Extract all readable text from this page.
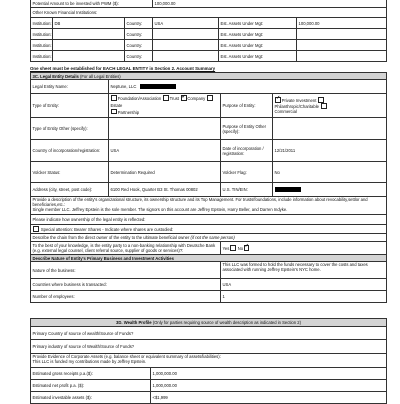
Potential Amount to be invested with PWM ($):			100,000.00		
Other Known Financial Institutions:					
Institution:	DB	Country:	USA	Est. Assets Under Mgt:	100,000.00
Institution:		Country:		Est. Assets Under Mgt:	
Institution:		Country:		Est. Assets Under Mgt:	
Institution:		Country:		Est. Assets Under Mgt:	
One sheet must be established for EACH LEGAL ENTITY in Section 2. Account Summary
3C. Legal Entity Details (For all Legal Entities)			
Legal Entity Name:	Neptune, LLC		
Type of Entity:	Foundation/Association Trust ✔ Company Estate
Partnership	Purpose of Entity:	✔Private Investment
Philanthropic/Charitable
Commercial
Type of Entity Other (specify):		Purpose of Entity Other (specify):	
Country of incorporation/registration:	USA	Date of incorporation / registration:	12/21/2011
Volcker Status:	Determination Required	Volcker Flag:	No
Address (city, street, post code):	6100 Red Hook, Quarter B3 St. Thomas 00802	U.S. TIN/EIN:	
Provide a description of the entity's organizational structure, its ownership structure and its Top Management. For trusts/foundations, include information about revocability,settlor and beneficiaries,etc.:
Single member LLC. Jeffrey Epstein is the sole member. The signors on this account are Jeffrey Epstein, Harry Beller, and Darren Indyke.			
Please indicate how ownership of the legal entity is reflected:			
Special attention: Bearer Shares - Indicate where shares are custodied:			
Describe the chain from the direct owner of the entity to the ultimate beneficial owner (if not the same person)			
To the best of your knowledge, is the entity party to a non-banking relationship with Deutsche Bank (e.g. external legal counsel, client referral source, supplier of goods or services)?:		Yes No✔
Describe Nature of Entity's Primary Business and Investment Activities			
Nature of the business:		This LLC was formed to hold the funds necessary to cover the costs and taxes associated with running Jeffrey Epstein's NYC home.	
Countries where business is transacted:		USA	
Number of employees:		1	
3D. Wealth Profile (Only for parties requiring source of wealth description as indicated in Section 2)	
Primary Country of source of wealth/Source of Funds?	
Primary industry of source of Wealth/Source of Funds?	
Provide Evidence of Corporate Assets (e.g. balance sheet or equivalent summary of assets/liabilities):
This LLC is funded my contributions made by Jeffrey Epstein.	
Estimated gross receipts p.a.($):	1,000,000.00
Estimated net profit p.a. ($):	1,000,000.00
Estimated investable assets ($):	<$1,999
